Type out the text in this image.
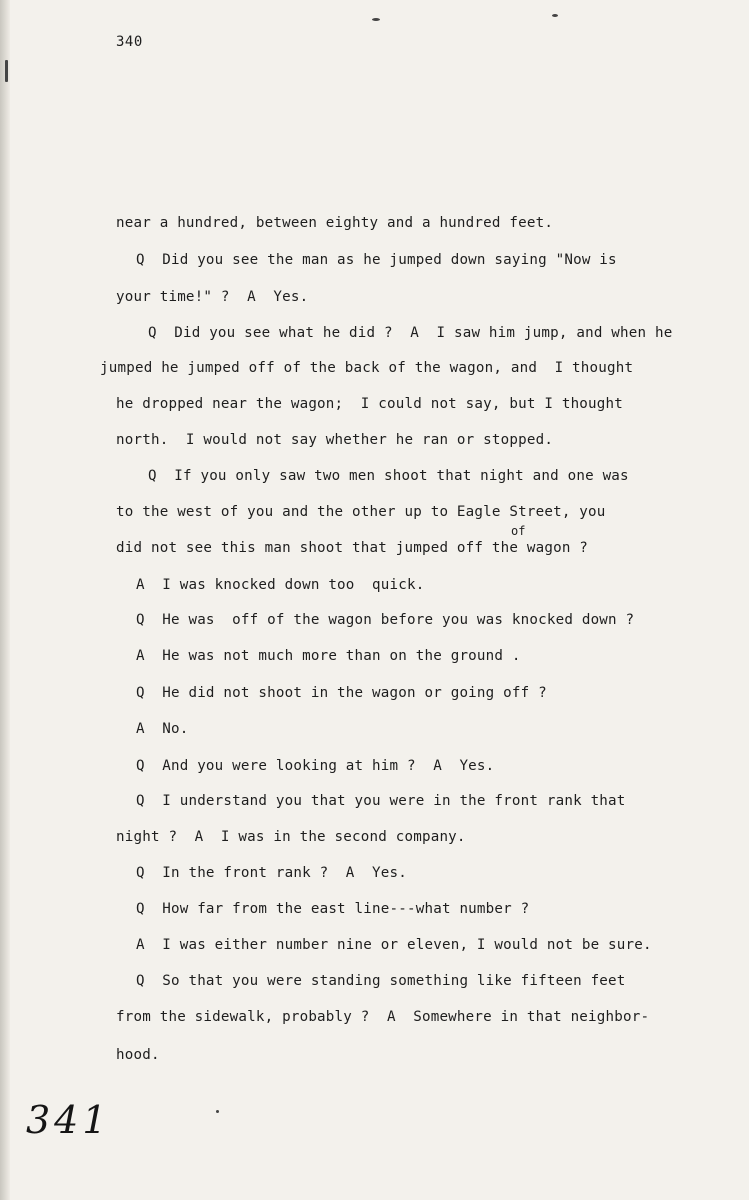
340
near a hundred, between eighty and a hundred feet.
Q  Did you see the man as he jumped down saying "Now is
your time!" ?  A  Yes.
Q  Did you see what he did ?  A  I saw him jump, and when he
jumped he jumped off of the back of the wagon, and  I thought
he dropped near the wagon;  I could not say, but I thought
north.  I would not say whether he ran or stopped.
Q  If you only saw two men shoot that night and one was
to the west of you and the other up to Eagle Street, you
of
did not see this man shoot that jumped off the wagon ?
A  I was knocked down too  quick.
Q  He was  off of the wagon before you was knocked down ?
A  He was not much more than on the ground .
Q  He did not shoot in the wagon or going off ?
A  No.
Q  And you were looking at him ?  A  Yes.
Q  I understand you that you were in the front rank that
night ?  A  I was in the second company.
Q  In the front rank ?  A  Yes.
Q  How far from the east line---what number ?
A  I was either number nine or eleven, I would not be sure.
Q  So that you were standing something like fifteen feet
from the sidewalk, probably ?  A  Somewhere in that neighbor-
hood.
341
